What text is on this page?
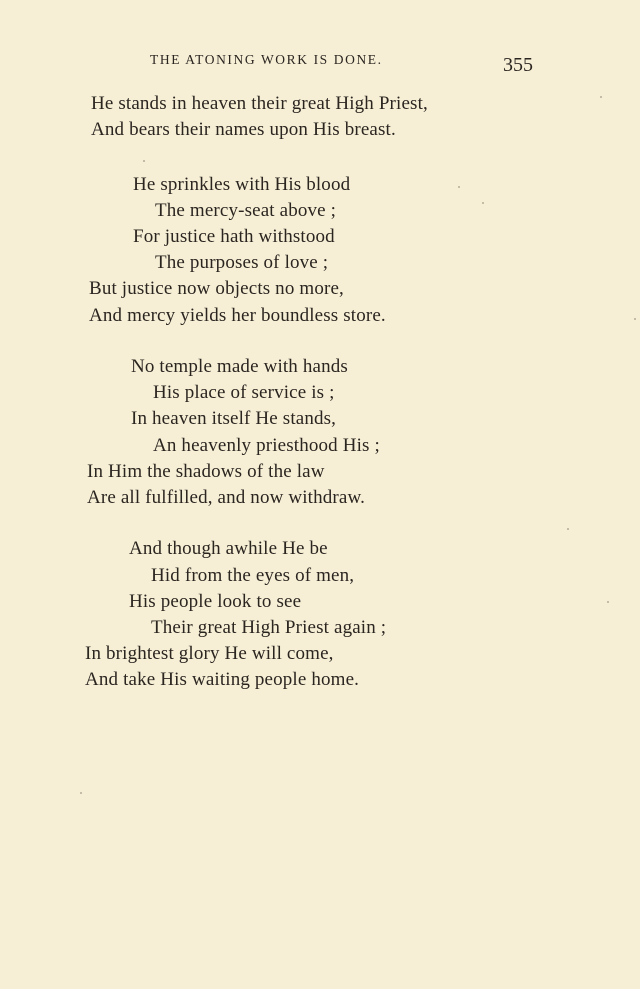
THE ATONING WORK IS DONE.	355
He stands in heaven their great High Priest,
And bears their names upon His breast.
He sprinkles with His blood
The mercy-seat above ;
For justice hath withstood
The purposes of love ;
But justice now objects no more,
And mercy yields her boundless store.
No temple made with hands
His place of service is ;
In heaven itself He stands,
An heavenly priesthood His ;
In Him the shadows of the law
Are all fulfilled, and now withdraw.
And though awhile He be
Hid from the eyes of men,
His people look to see
Their great High Priest again ;
In brightest glory He will come,
And take His waiting people home.
